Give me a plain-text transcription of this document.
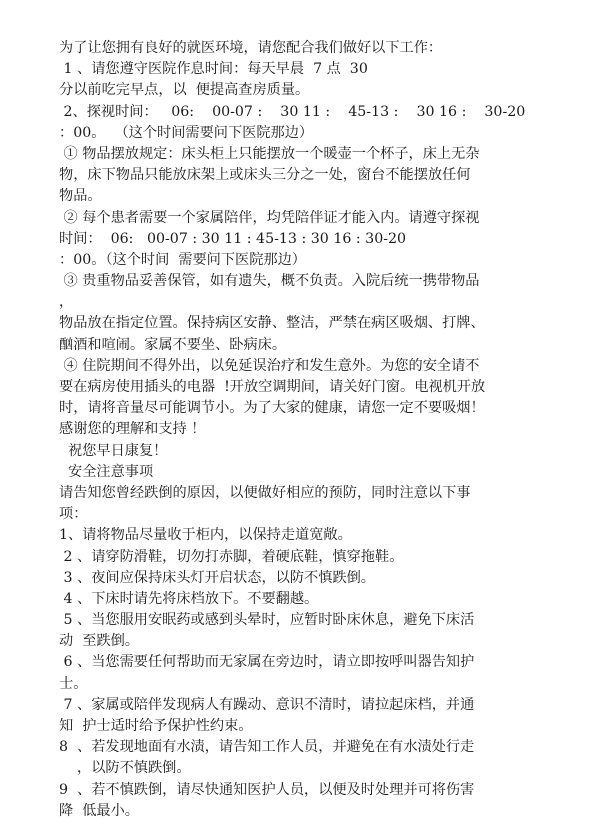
为了让您拥有良好的就医环境，请您配合我们做好以下工作：
1 、请您遵守医院作息时间：每天早晨  7 点  30
分以前吃完早点，以  便提高查房质量。
2、探视时间：   06:    00-07 :    30 11 :    45-13 :    30 16 :    30-20
：00。  （这个时间需要问下医院那边）
① 物品摆放规定：床头柜上只能摆放一个暖壶一个杯子，床上无杂
物，床下物品只能放床架上或床头三分之一处，窗台不能摆放任何
物品。
② 每个患者需要一个家属陪伴，均凭陪伴证才能入内。请遵守探视
时间：  06:   00-07 : 30 11 : 45-13 : 30 16 : 30-20
：00。（这个时间  需要问下医院那边）
③ 贵重物品妥善保管，如有遗失，概不负责。入院后统一携带物品
，
物品放在指定位置。保持病区安静、整洁，严禁在病区吸烟、打牌、
酗酒和喧闹。家属不要坐、卧病床。
④ 住院期间不得外出，以免延误治疗和发生意外。为您的安全请不
要在病房使用插头的电器  !开放空调期间，请关好门窗。电视机开放
时，请将音量尽可能调节小。为了大家的健康，请您一定不要吸烟！
感谢您的理解和支持 ！
祝您早日康复！
安全注意事项
请告知您曾经跌倒的原因，以便做好相应的预防，同时注意以下事
项：
1、请将物品尽量收于柜内，以保持走道宽敞。
2 、请穿防滑鞋，切勿打赤脚，着硬底鞋，慎穿拖鞋。
3 、夜间应保持床头灯开启状态，以防不慎跌倒。
4 、下床时请先将床档放下。不要翻越。
5 、当您服用安眠药或感到头晕时，应暂时卧床休息，避免下床活
动  至跌倒。
6 、当您需要任何帮助而无家属在旁边时，请立即按呼叫器告知护
士。
7 、家属或陪伴发现病人有躁动、意识不清时，请拉起床档，并通
知  护士适时给予保护性约束。
8  、若发现地面有水渍，请告知工作人员，并避免在有水渍处行走
，以防不慎跌倒。
9  、若不慎跌倒，请尽快通知医护人员，以便及时处理并可将伤害
降  低最小。
